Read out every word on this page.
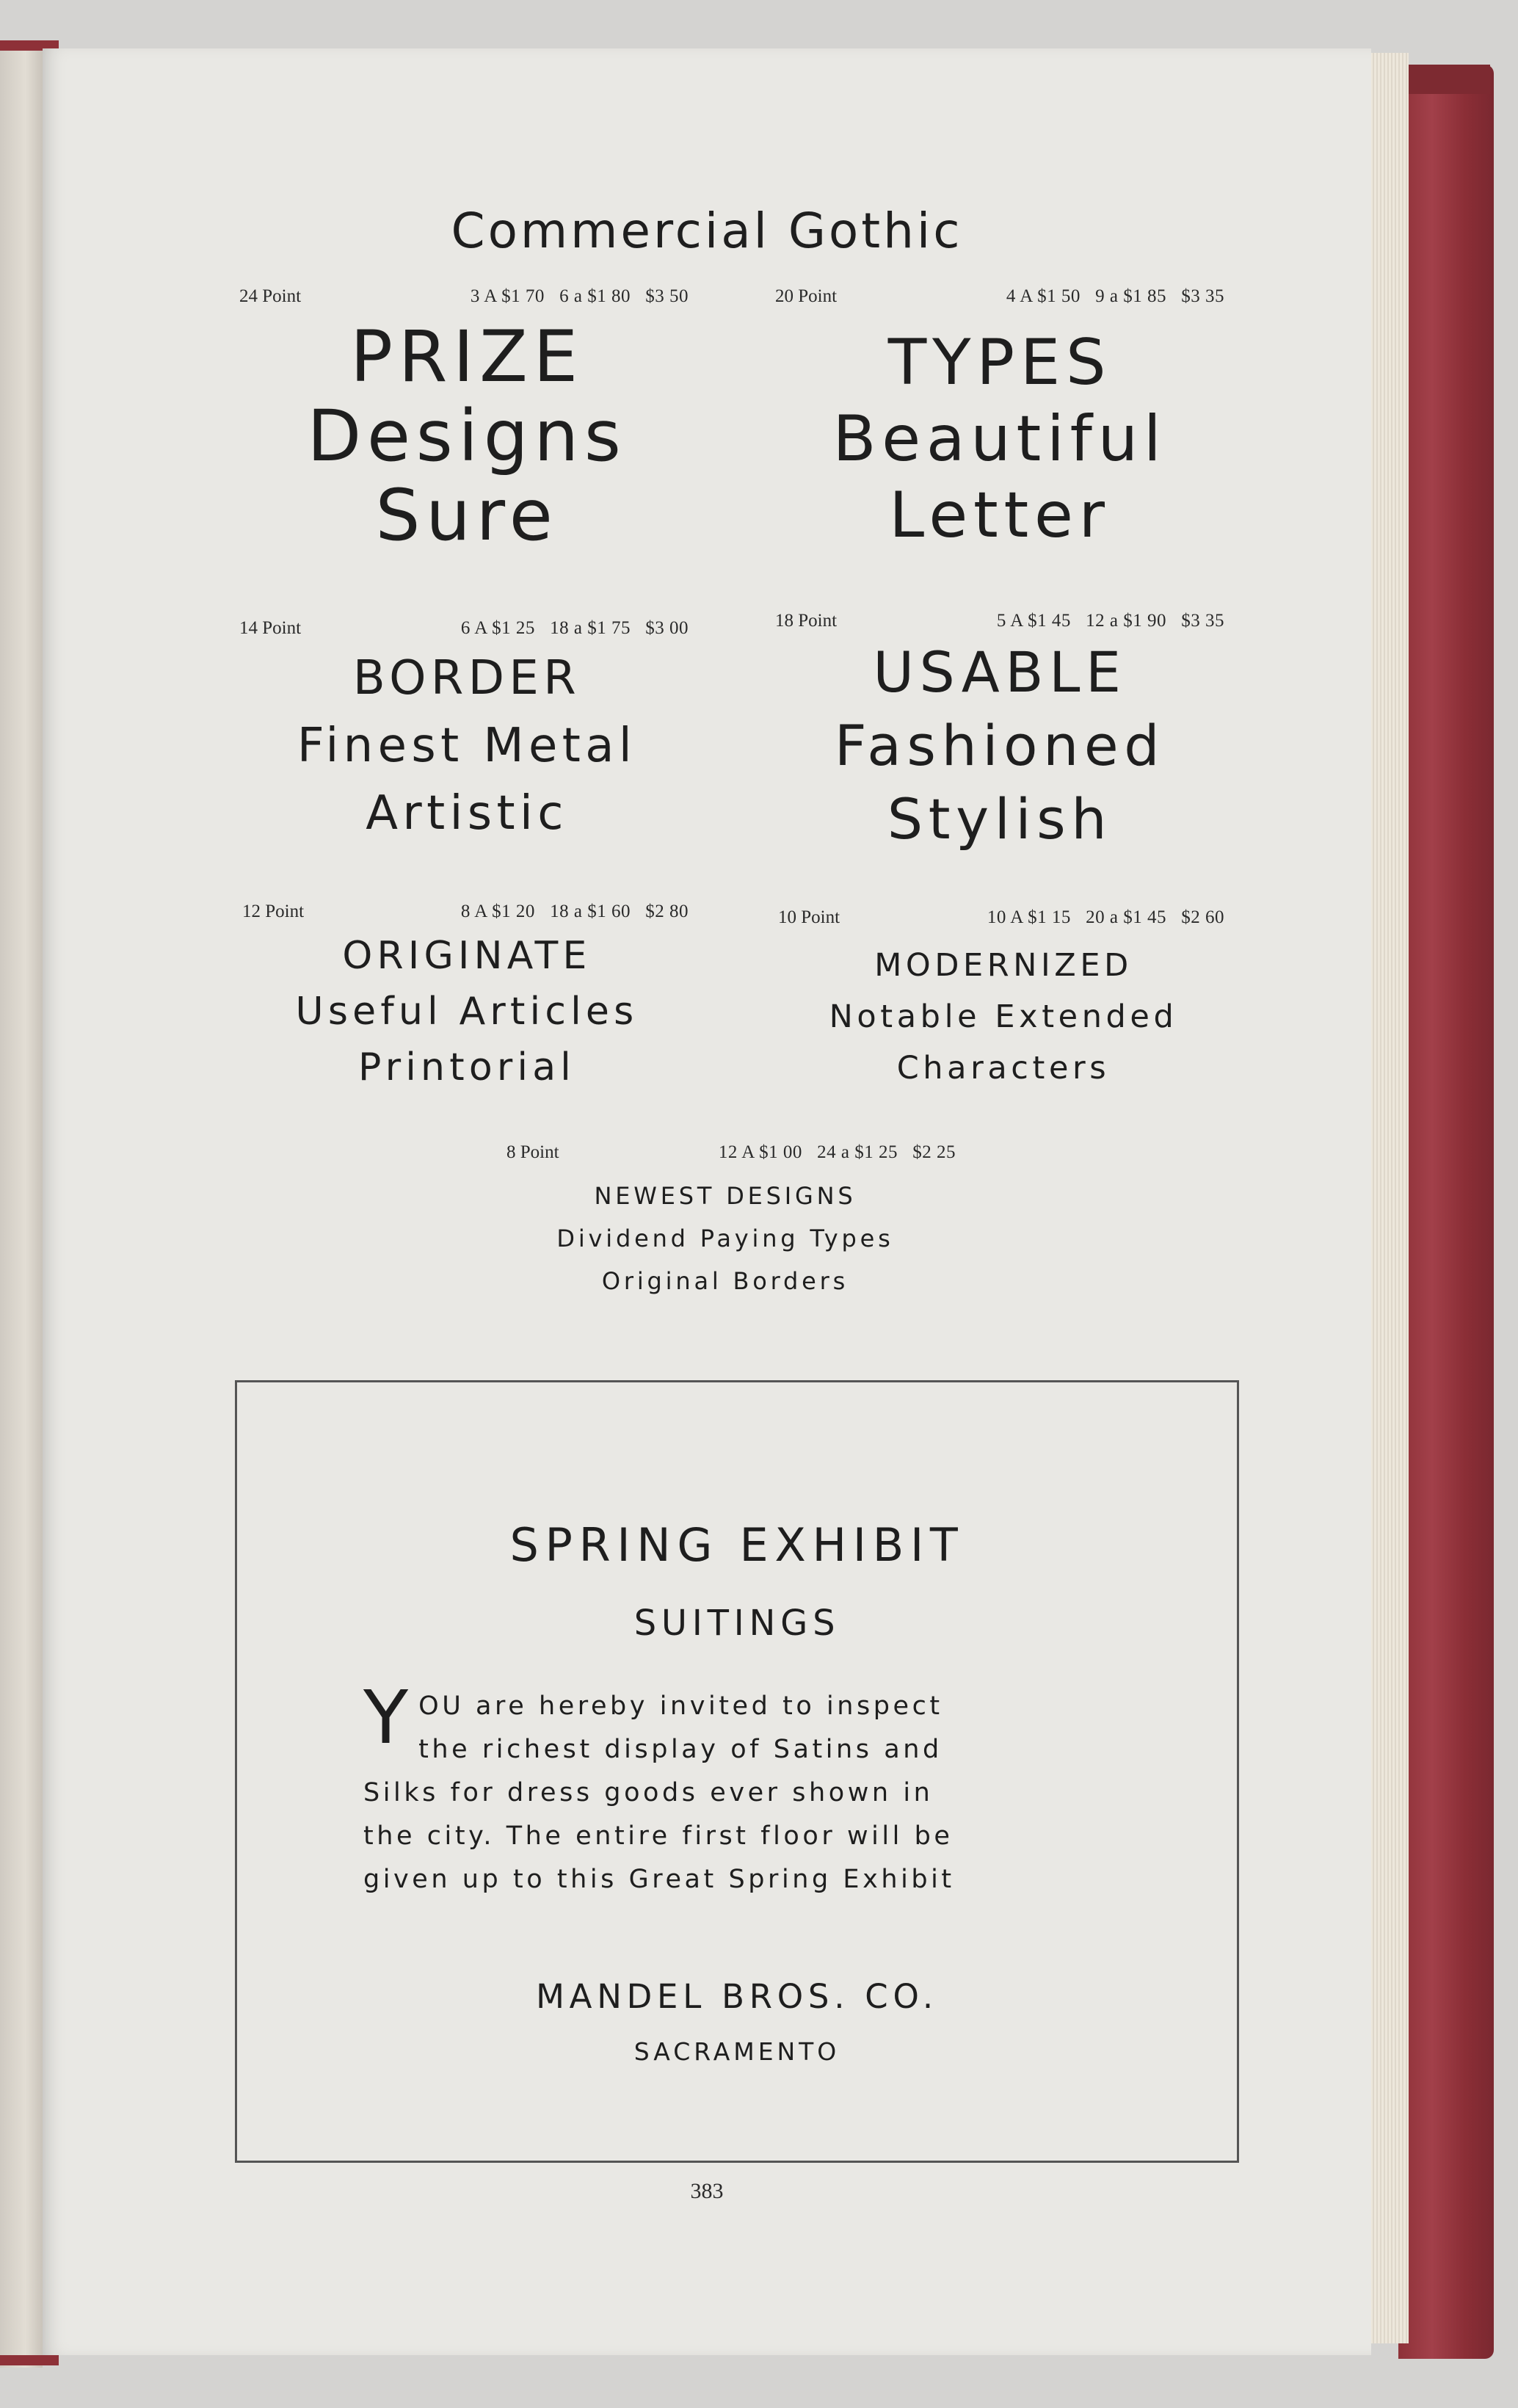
Commercial Gothic
24 Point	3 A $1 70   6 a $1 80   $3 50
PRIZE
Designs
Sure
20 Point	4 A $1 50   9 a $1 85   $3 35
TYPES
Beautiful
Letter
14 Point	6 A $1 25   18 a $1 75   $3 00
BORDER
Finest Metal
Artistic
18 Point	5 A $1 45   12 a $1 90   $3 35
USABLE
Fashioned
Stylish
12 Point	8 A $1 20   18 a $1 60   $2 80
ORIGINATE
Useful Articles
Printorial
10 Point	10 A $1 15   20 a $1 45   $2 60
MODERNIZED
Notable Extended
Characters
8 Point	12 A $1 00   24 a $1 25   $2 25
NEWEST DESIGNS
Dividend Paying Types
Original Borders
SPRING EXHIBIT
SUITINGS
Y OU are hereby invited to inspect
the richest display of Satins and
Silks for dress goods ever shown in
the city. The entire first floor will be
given up to this Great Spring Exhibit
MANDEL BROS. CO.
SACRAMENTO
383
